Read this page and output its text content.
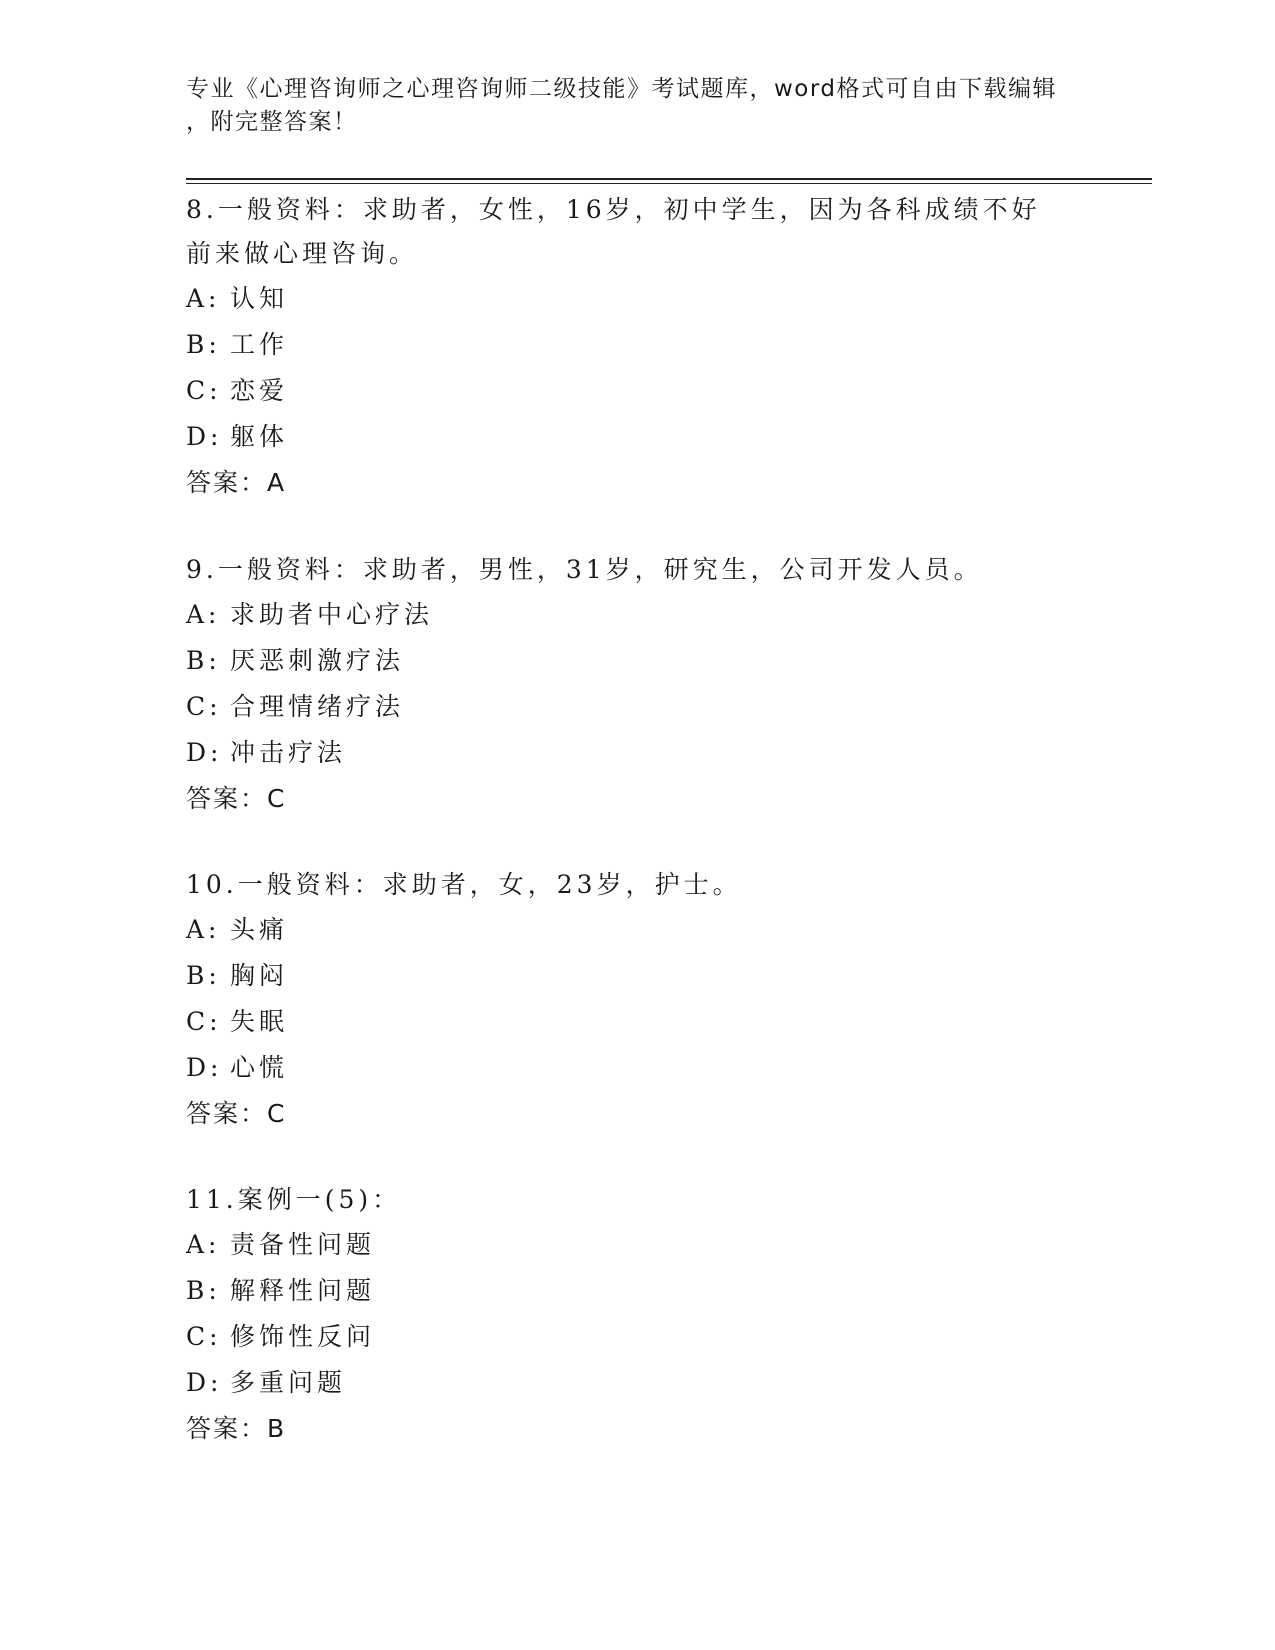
专业《心理咨询师之心理咨询师二级技能》考试题库，word格式可自由下载编辑
，附完整答案！

8.一般资料：求助者，女性，16岁，初中学生，因为各科成绩不好前来做心理咨询。

A: 认知
B: 工作
C: 恋爱
D: 躯体
答案：A

9.一般资料：求助者，男性，31岁，研究生，公司开发人员。

A: 求助者中心疗法
B: 厌恶刺激疗法
C: 合理情绪疗法
D: 冲击疗法
答案：C

10.一般资料：求助者，女，23岁，护士。

A: 头痛
B: 胸闷
C: 失眠
D: 心慌
答案：C

11.案例一(5)：

A: 责备性问题
B: 解释性问题
C: 修饰性反问
D: 多重问题
答案：B
